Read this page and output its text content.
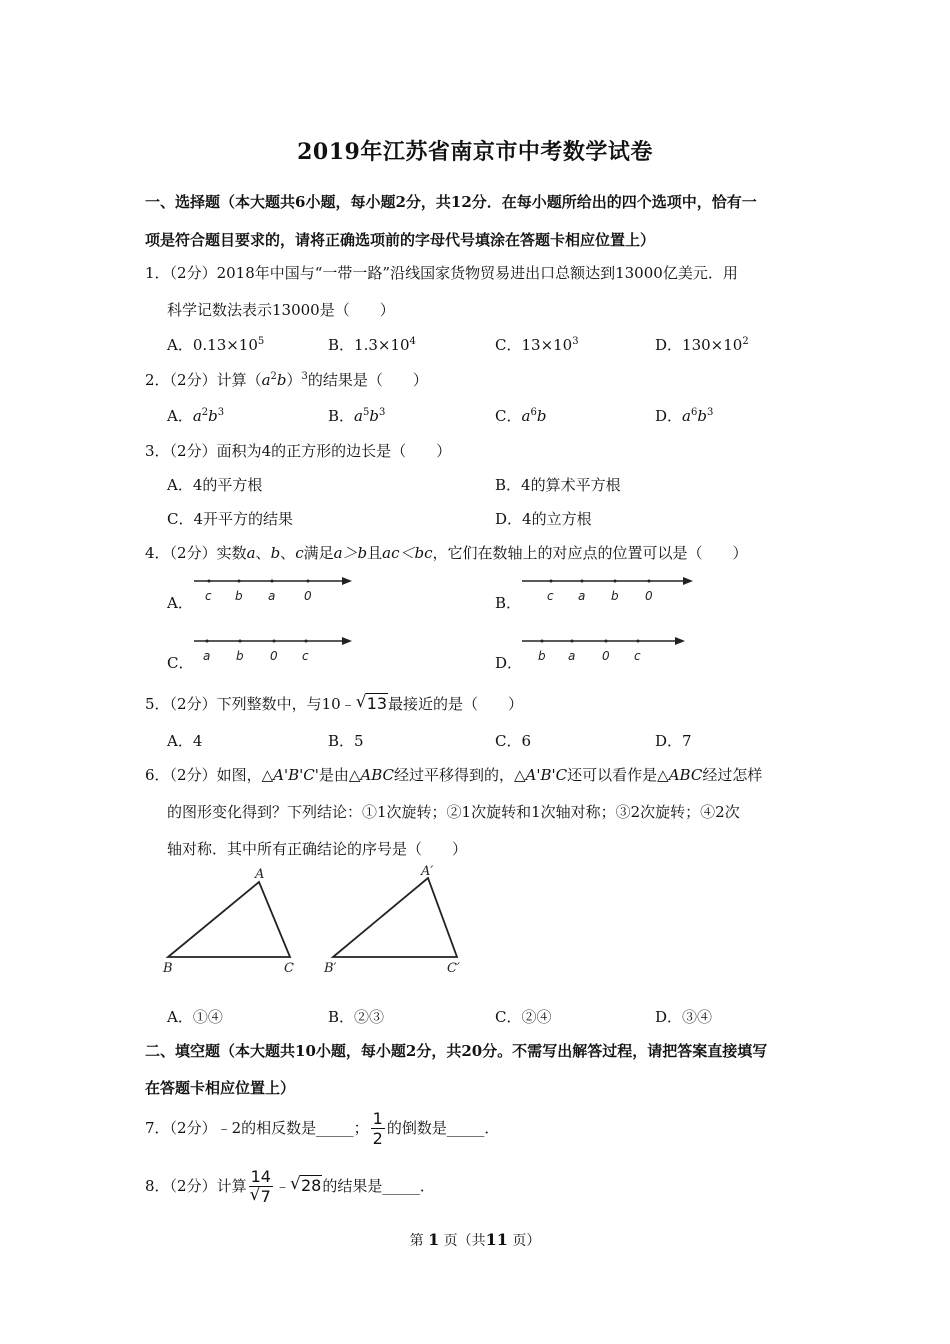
2019年江苏省南京市中考数学试卷
一、选择题（本大题共6小题，每小题2分，共12分．在每小题所给出的四个选项中，恰有一
项是符合题目要求的，请将正确选项前的字母代号填涂在答题卡相应位置上）
1．（2分）2018年中国与“一带一路”沿线国家货物贸易进出口总额达到13000亿美元．用
科学记数法表示13000是（　　）
A．$0.13\times 10^5$	B．$1.3\times 10^4$	C．$13\times 10^3$	D．$130\times 10^2$
2．（2分）计算$(a^2b)^3$的结果是（　　）
A．$a^2b^3$	B．$a^5b^3$	C．$a^6b$	D．$a^6b^3$
3．（2分）面积为4的正方形的边长是（　　）
A．4的平方根	B．4的算术平方根
C．4开平方的结果	D．4的立方根
4．（2分）实数a、b、c满足a＞b且ac＜bc，它们在数轴上的对应点的位置可以是（　　）
A． c b a 0	B． c a b 0
C． a b 0 c	D． b a 0 c
5．（2分）下列整数中，与10﹣ √ 13最接近的是（　　）
A．4	B．5	C．6	D．7
6．（2分）如图，△A'B'C'是由△ABC经过平移得到的，△A'B'C还可以看作是△ABC经过怎样
的图形变化得到？下列结论：①1次旋转；②1次旋转和1次轴对称；③2次旋转；④2次
轴对称．其中所有正确结论的序号是（　　）
A
B	C
A′
B′	C′
A．①④	B．②③	C．②④	D．③④
二、填空题（本大题共10小题，每小题2分，共20分。不需写出解答过程，请把答案直接填写
在答题卡相应位置上）
7．（2分）﹣2的相反数是_____； $\frac{1}{2}$ 的倒数是_____．
8．（2分）计算 $\frac{14}{√ 7}$ ﹣ √ 28的结果是_____．
第 1 页（共11 页）
